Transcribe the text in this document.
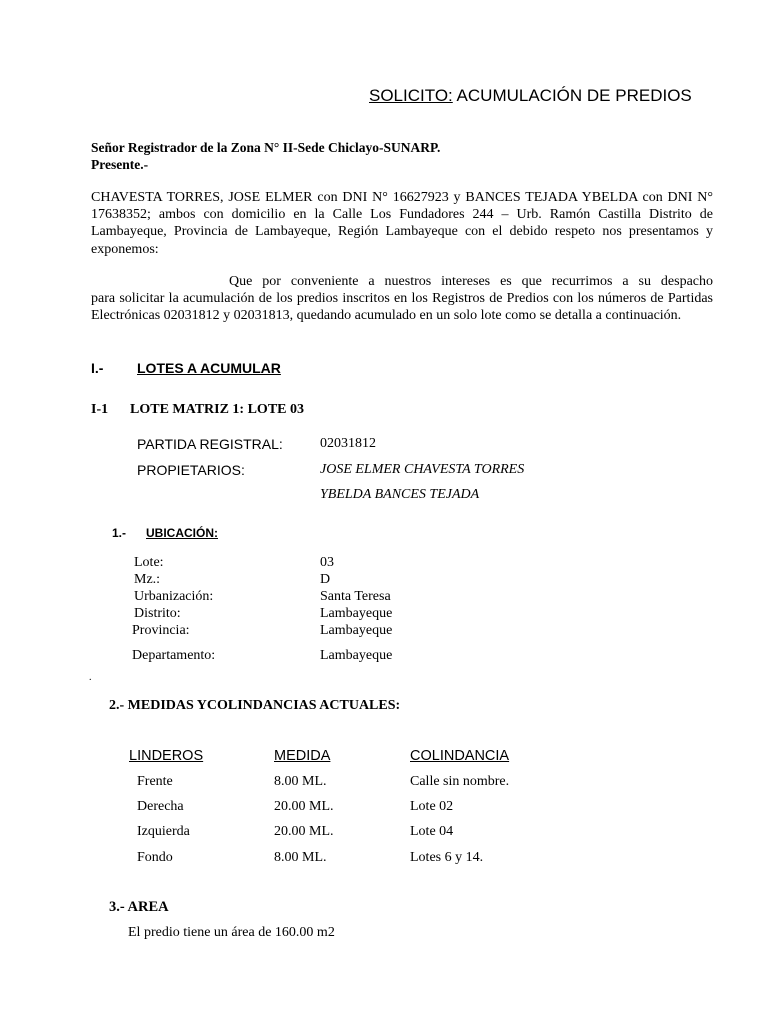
SOLICITO: ACUMULACIÓN DE PREDIOS
Señor Registrador de la Zona N° II-Sede Chiclayo-SUNARP.
Presente.-
CHAVESTA TORRES, JOSE ELMER con DNI N° 16627923 y BANCES TEJADA YBELDA con DNI N° 17638352; ambos con domicilio en la Calle Los Fundadores 244 – Urb. Ramón Castilla Distrito de Lambayeque, Provincia de Lambayeque, Región Lambayeque con el debido respeto nos presentamos y exponemos:
Que por conveniente a nuestros intereses es que recurrimos a su despacho
para solicitar la acumulación de los predios inscritos en los Registros de Predios con los números de Partidas Electrónicas 02031812 y 02031813, quedando acumulado en un solo lote como se detalla a continuación.
I.- LOTES A ACUMULAR
I-1 LOTE MATRIZ 1: LOTE 03
PARTIDA REGISTRAL:	02031812
PROPIETARIOS:	JOSE ELMER CHAVESTA TORRES
YBELDA BANCES TEJADA
1.- UBICACIÓN:
Lote:	03
Mz.:	D
Urbanización:	Santa Teresa
Distrito:	Lambayeque
Provincia:	Lambayeque
Departamento:	Lambayeque
.
2.- MEDIDAS YCOLINDANCIAS ACTUALES:
LINDEROS	MEDIDA	COLINDANCIA
Frente	8.00 ML.	Calle sin nombre.
Derecha	20.00 ML.	Lote 02
Izquierda	20.00 ML.	Lote 04
Fondo	8.00 ML.	Lotes 6 y 14.
3.- AREA
El predio tiene un área de 160.00 m2
